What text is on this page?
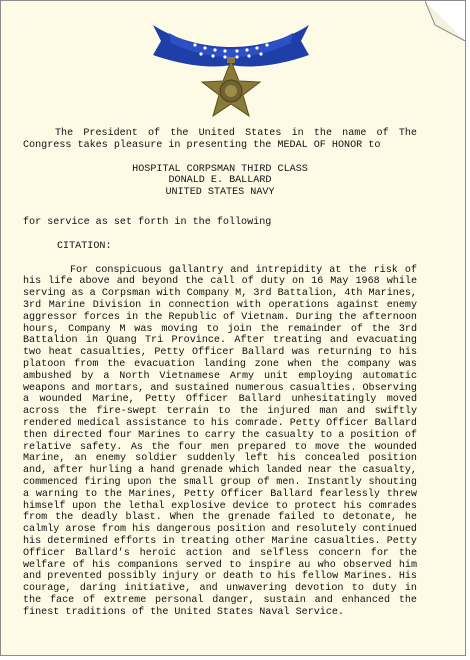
The President of the United States in the name of The Congress takes pleasure in presenting the MEDAL OF HONOR to

HOSPITAL CORPSMAN THIRD CLASS
DONALD E. BALLARD
UNITED STATES NAVY

for service as set forth in the following

CITATION:

For conspicuous gallantry and intrepidity at the risk of his life above and beyond the call of duty on 16 May 1968 while serving as a Corpsman with Company M, 3rd Battalion, 4th Marines, 3rd Marine Division in connection with operations against enemy aggressor forces in the Republic of Vietnam. During the afternoon hours, Company M was moving to join the remainder of the 3rd Battalion in Quang Tri Province. After treating and evacuating two heat casualties, Petty Officer Ballard was returning to his platoon from the evacuation landing zone when the company was ambushed by a North Vietnamese Army unit employing automatic weapons and mortars, and sustained numerous casualties. Observing a wounded Marine, Petty Officer Ballard unhesitatingly moved across the fire-swept terrain to the injured man and swiftly rendered medical assistance to his comrade. Petty Officer Ballard then directed four Marines to carry the casualty to a position of relative safety. As the four men prepared to move the wounded Marine, an enemy soldier suddenly left his concealed position and, after hurling a hand grenade which landed near the casualty, commenced firing upon the small group of men. Instantly shouting a warning to the Marines, Petty Officer Ballard fearlessly threw himself upon the lethal explosive device to protect his comrades from the deadly blast. When the grenade failed to detonate, he calmly arose from his dangerous position and resolutely continued his determined efforts in treating other Marine casualties. Petty Officer Ballard's heroic action and selfless concern for the welfare of his companions served to inspire au who observed him and prevented possibly injury or death to his fellow Marines. His courage, daring initiative, and unwavering devotion to duty in the face of extreme personal danger, sustain and enhanced the finest traditions of the United States Naval Service.
